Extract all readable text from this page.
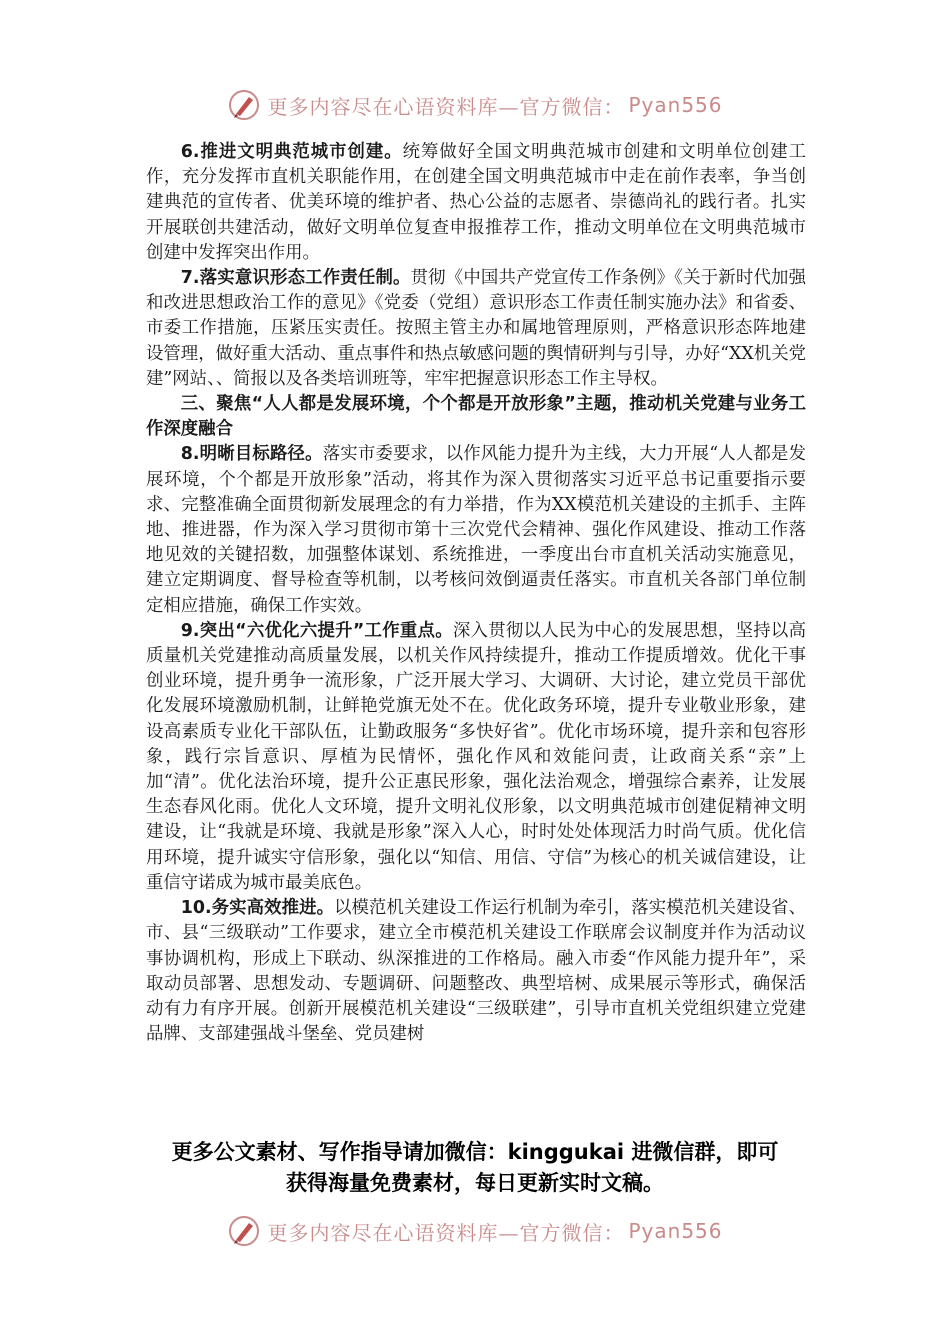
更多内容尽在心语资料库—官方微信： Pyan556

6.推进文明典范城市创建。统筹做好全国文明典范城市创建和文明单位创建工作，充分发挥市直机关职能作用，在创建全国文明典范城市中走在前作表率，争当创建典范的宣传者、优美环境的维护者、热心公益的志愿者、崇德尚礼的践行者。扎实开展联创共建活动，做好文明单位复查申报推荐工作，推动文明单位在文明典范城市创建中发挥突出作用。

7.落实意识形态工作责任制。贯彻《中国共产党宣传工作条例》《关于新时代加强和改进思想政治工作的意见》《党委（党组）意识形态工作责任制实施办法》和省委、市委工作措施，压紧压实责任。按照主管主办和属地管理原则，严格意识形态阵地建设管理，做好重大活动、重点事件和热点敏感问题的舆情研判与引导，办好“XX机关党建”网站、、简报以及各类培训班等，牢牢把握意识形态工作主导权。

三、聚焦“人人都是发展环境，个个都是开放形象”主题，推动机关党建与业务工作深度融合

8.明晰目标路径。落实市委要求，以作风能力提升为主线，大力开展“人人都是发展环境，个个都是开放形象”活动，将其作为深入贯彻落实习近平总书记重要指示要求、完整准确全面贯彻新发展理念的有力举措，作为XX模范机关建设的主抓手、主阵地、推进器，作为深入学习贯彻市第十三次党代会精神、强化作风建设、推动工作落地见效的关键招数，加强整体谋划、系统推进，一季度出台市直机关活动实施意见，建立定期调度、督导检查等机制，以考核问效倒逼责任落实。市直机关各部门单位制定相应措施，确保工作实效。

9.突出“六优化六提升”工作重点。深入贯彻以人民为中心的发展思想，坚持以高质量机关党建推动高质量发展，以机关作风持续提升，推动工作提质增效。优化干事创业环境，提升勇争一流形象，广泛开展大学习、大调研、大讨论，建立党员干部优化发展环境激励机制，让鲜艳党旗无处不在。优化政务环境，提升专业敬业形象，建设高素质专业化干部队伍，让勤政服务“多快好省”。优化市场环境，提升亲和包容形象，践行宗旨意识、厚植为民情怀，强化作风和效能问责，让政商关系“亲”上加“清”。优化法治环境，提升公正惠民形象，强化法治观念，增强综合素养，让发展生态春风化雨。优化人文环境，提升文明礼仪形象，以文明典范城市创建促精神文明建设，让“我就是环境、我就是形象”深入人心，时时处处体现活力时尚气质。优化信用环境，提升诚实守信形象，强化以“知信、用信、守信”为核心的机关诚信建设，让重信守诺成为城市最美底色。

10.务实高效推进。以模范机关建设工作运行机制为牵引，落实模范机关建设省、市、县“三级联动”工作要求，建立全市模范机关建设工作联席会议制度并作为活动议事协调机构，形成上下联动、纵深推进的工作格局。融入市委“作风能力提升年”，采取动员部署、思想发动、专题调研、问题整改、典型培树、成果展示等形式，确保活动有力有序开展。创新开展模范机关建设“三级联建”，引导市直机关党组织建立党建品牌、支部建强战斗堡垒、党员建树

更多公文素材、写作指导请加微信：kinggukai 进微信群，即可
获得海量免费素材，每日更新实时文稿。
更多内容尽在心语资料库—官方微信： Pyan556
